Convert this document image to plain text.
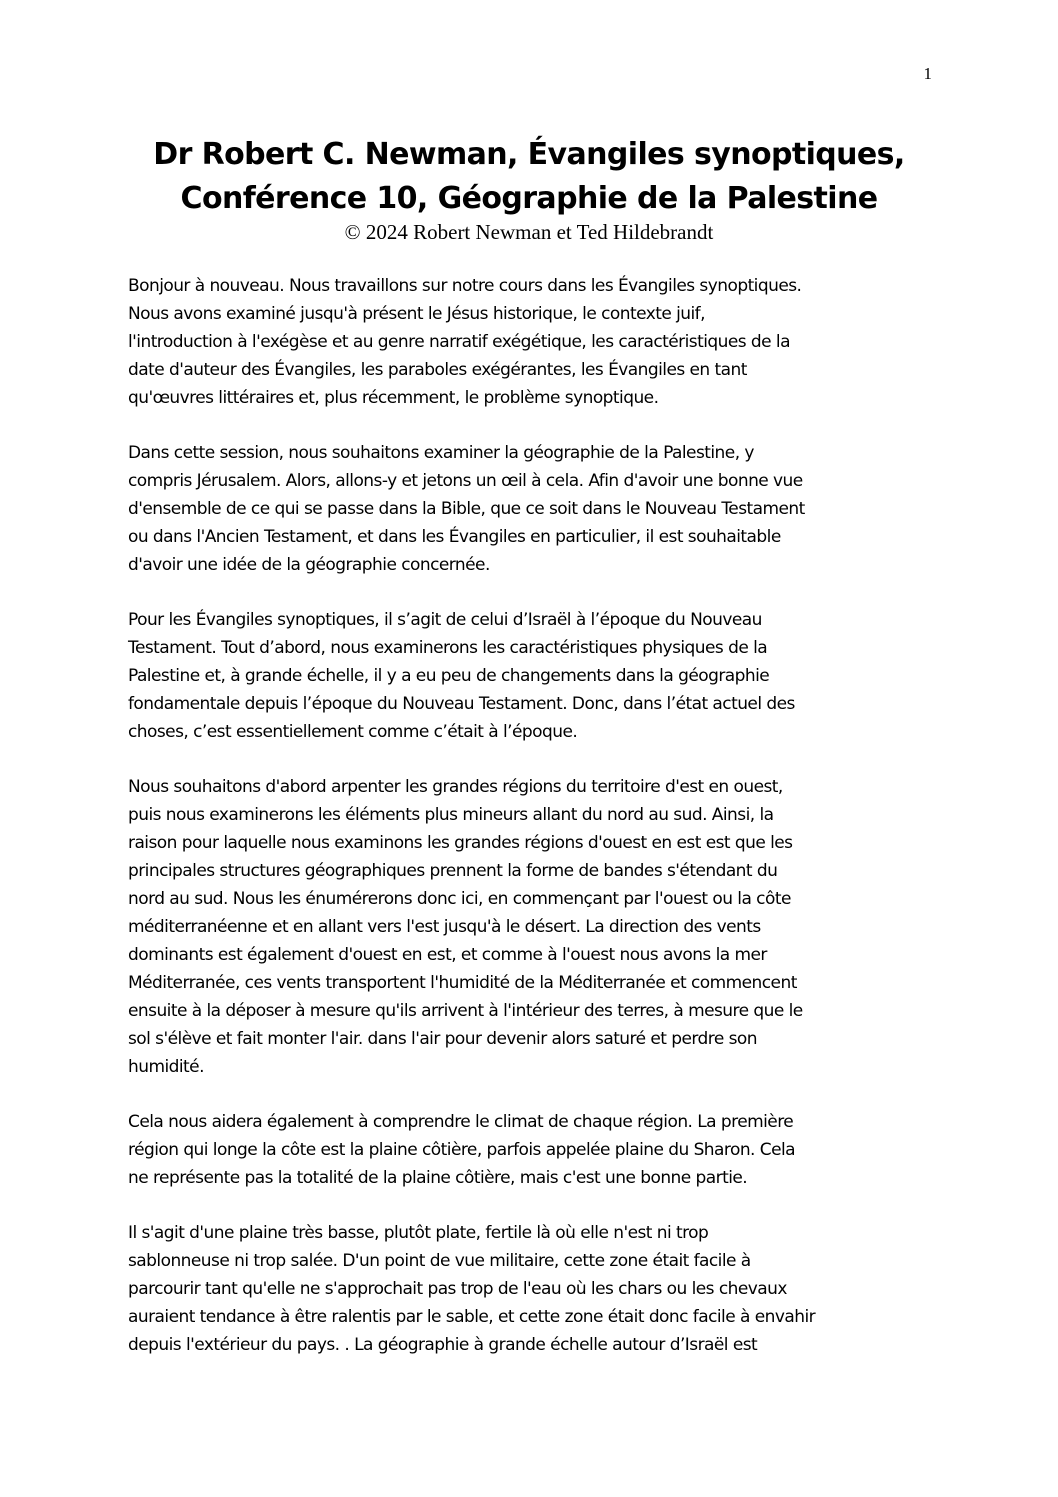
1
Dr Robert C. Newman, Évangiles synoptiques,
Conférence 10, Géographie de la Palestine

© 2024 Robert Newman et Ted Hildebrandt

Bonjour à nouveau. Nous travaillons sur notre cours dans les Évangiles synoptiques.
Nous avons examiné jusqu'à présent le Jésus historique, le contexte juif,
l'introduction à l'exégèse et au genre narratif exégétique, les caractéristiques de la
date d'auteur des Évangiles, les paraboles exégérantes, les Évangiles en tant
qu'œuvres littéraires et, plus récemment, le problème synoptique.

Dans cette session, nous souhaitons examiner la géographie de la Palestine, y
compris Jérusalem. Alors, allons-y et jetons un œil à cela. Afin d'avoir une bonne vue
d'ensemble de ce qui se passe dans la Bible, que ce soit dans le Nouveau Testament
ou dans l'Ancien Testament, et dans les Évangiles en particulier, il est souhaitable
d'avoir une idée de la géographie concernée.

Pour les Évangiles synoptiques, il s’agit de celui d’Israël à l’époque du Nouveau
Testament. Tout d’abord, nous examinerons les caractéristiques physiques de la
Palestine et, à grande échelle, il y a eu peu de changements dans la géographie
fondamentale depuis l’époque du Nouveau Testament. Donc, dans l’état actuel des
choses, c’est essentiellement comme c’était à l’époque.

Nous souhaitons d'abord arpenter les grandes régions du territoire d'est en ouest,
puis nous examinerons les éléments plus mineurs allant du nord au sud. Ainsi, la
raison pour laquelle nous examinons les grandes régions d'ouest en est est que les
principales structures géographiques prennent la forme de bandes s'étendant du
nord au sud. Nous les énumérerons donc ici, en commençant par l'ouest ou la côte
méditerranéenne et en allant vers l'est jusqu'à le désert. La direction des vents
dominants est également d'ouest en est, et comme à l'ouest nous avons la mer
Méditerranée, ces vents transportent l'humidité de la Méditerranée et commencent
ensuite à la déposer à mesure qu'ils arrivent à l'intérieur des terres, à mesure que le
sol s'élève et fait monter l'air. dans l'air pour devenir alors saturé et perdre son
humidité.

Cela nous aidera également à comprendre le climat de chaque région. La première
région qui longe la côte est la plaine côtière, parfois appelée plaine du Sharon. Cela
ne représente pas la totalité de la plaine côtière, mais c'est une bonne partie.

Il s'agit d'une plaine très basse, plutôt plate, fertile là où elle n'est ni trop
sablonneuse ni trop salée. D'un point de vue militaire, cette zone était facile à
parcourir tant qu'elle ne s'approchait pas trop de l'eau où les chars ou les chevaux
auraient tendance à être ralentis par le sable, et cette zone était donc facile à envahir
depuis l'extérieur du pays. . La géographie à grande échelle autour d’Israël est
